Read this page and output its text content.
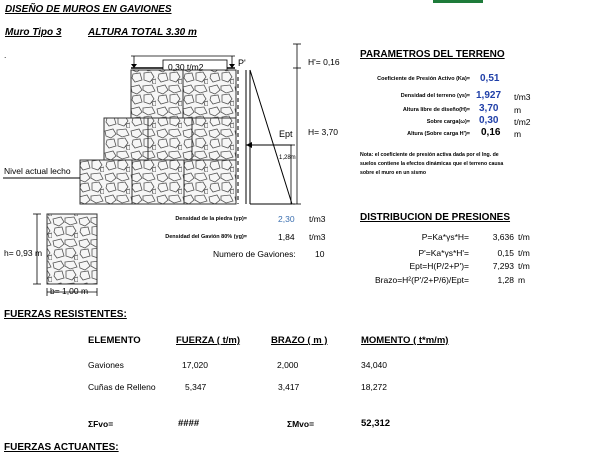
DISEÑO DE MUROS EN GAVIONES
Muro Tipo 3	ALTURA TOTAL 3.30 m
.
0.30 t/m2	P'	H'= 0,16
Ept H= 3,70
1,28m
Nivel actual lecho
h= 0,93 m
b= 1,00 m
PARAMETROS DEL TERRENO
Coeficiente de Presión Activo (Ka)= 0,51
Densidad del terreno (γs)= 1,927 t/m3
Altura libre de diseño(H)= 3,70 m
Sobre carga(ω)= 0,30 t/m2
Altura (Sobre carga H')= 0,16 m
Nota: el coeficiente de presión activa dada por el Ing. de
suelos contiene la efectos dinámicas que el terreno causa
sobre el muro en un sismo
Densidad de la piedra (γp)=	2,30 t/m3
Densidad del Gavión 80% (γg)=	1,84 t/m3
Numero de Gaviones: 10
DISTRIBUCION DE PRESIONES
P=Ka*γs*H=	3,636 t/m
P'=Ka*γs*H'=	0,15 t/m
Ept=H(P/2+P')=	7,293 t/m
Brazo=H²(P'/2+P/6)/Ept=	1,28 m
FUERZAS RESISTENTES:
ELEMENTO	FUERZA ( t/m)	BRAZO ( m )	MOMENTO ( t*m/m)
Gaviones	17,020	2,000	34,040
Cuñas de Relleno	5,347	3,417	18,272
ΣFvo=	####	ΣMvo=	52,312
FUERZAS ACTUANTES:
